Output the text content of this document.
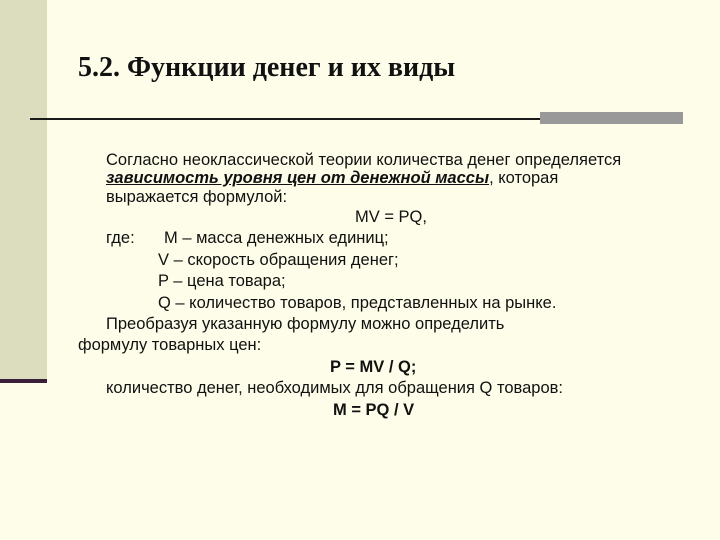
5.2. Функции денег и их виды
Согласно неоклассической теории количества денег определяется
зависимость уровня цен от денежной массы, которая
выражается формулой:
MV = PQ,
где: M – масса денежных единиц;
V – скорость обращения денег;
P – цена товара;
Q – количество товаров, представленных на рынке.
Преобразуя указанную формулу можно определить
формулу товарных цен:
P = MV / Q;
количество денег, необходимых для обращения Q товаров:
M = PQ / V
